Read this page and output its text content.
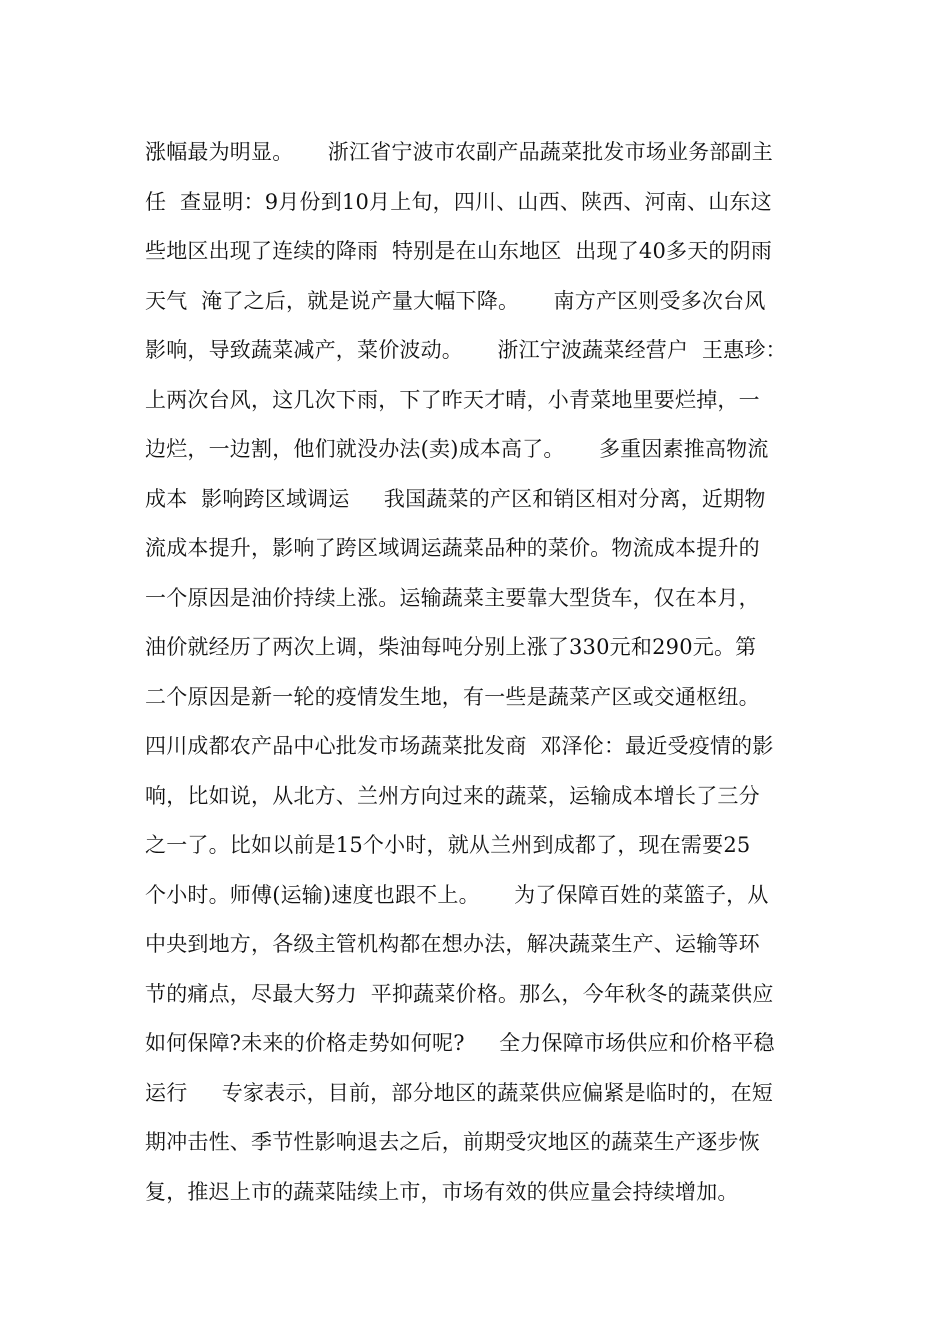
涨幅最为明显。     浙江省宁波市农副产品蔬菜批发市场业务部副主
任  查显明：9月份到10月上旬，四川、山西、陕西、河南、山东这
些地区出现了连续的降雨  特别是在山东地区  出现了40多天的阴雨
天气  淹了之后，就是说产量大幅下降。     南方产区则受多次台风
影响，导致蔬菜减产，菜价波动。     浙江宁波蔬菜经营户  王惠珍：
上两次台风，这几次下雨，下了昨天才晴，小青菜地里要烂掉，一
边烂，一边割，他们就没办法(卖)成本高了。     多重因素推高物流
成本  影响跨区域调运     我国蔬菜的产区和销区相对分离，近期物
流成本提升，影响了跨区域调运蔬菜品种的菜价。物流成本提升的
一个原因是油价持续上涨。运输蔬菜主要靠大型货车，仅在本月，
油价就经历了两次上调，柴油每吨分别上涨了330元和290元。第
二个原因是新一轮的疫情发生地，有一些是蔬菜产区或交通枢纽。
四川成都农产品中心批发市场蔬菜批发商  邓泽伦：最近受疫情的影
响，比如说，从北方、兰州方向过来的蔬菜，运输成本增长了三分
之一了。比如以前是15个小时，就从兰州到成都了，现在需要25
个小时。师傅(运输)速度也跟不上。     为了保障百姓的菜篮子，从
中央到地方，各级主管机构都在想办法，解决蔬菜生产、运输等环
节的痛点，尽最大努力  平抑蔬菜价格。那么，今年秋冬的蔬菜供应
如何保障?未来的价格走势如何呢?     全力保障市场供应和价格平稳
运行     专家表示，目前，部分地区的蔬菜供应偏紧是临时的，在短
期冲击性、季节性影响退去之后，前期受灾地区的蔬菜生产逐步恢
复，推迟上市的蔬菜陆续上市，市场有效的供应量会持续增加。
